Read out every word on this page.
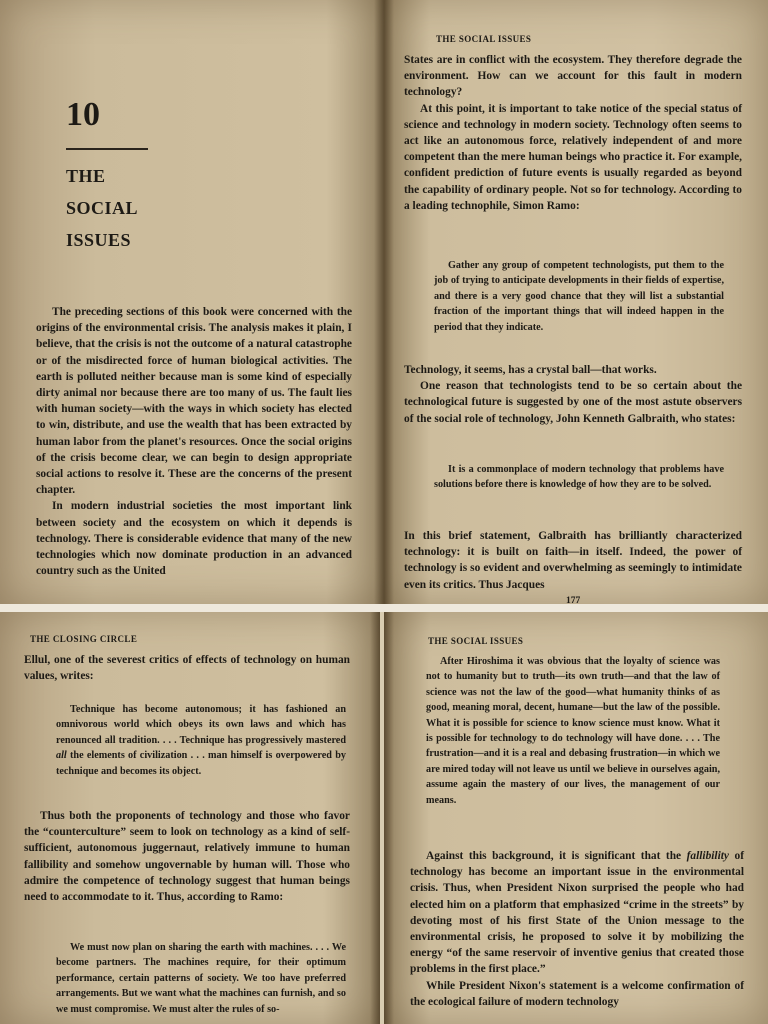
10
THE
SOCIAL
ISSUES

The preceding sections of this book were concerned with the origins of the environmental crisis. The analysis makes it plain, I believe, that the crisis is not the outcome of a natural catastrophe or of the misdirected force of human biological activities. The earth is polluted neither because man is some kind of especially dirty animal nor because there are too many of us. The fault lies with human society—with the ways in which society has elected to win, distribute, and use the wealth that has been extracted by human labor from the planet's resources. Once the social origins of the crisis become clear, we can begin to design appropriate social actions to resolve it. These are the concerns of the present chapter.

In modern industrial societies the most important link between society and the ecosystem on which it depends is technology. There is considerable evidence that many of the new technologies which now dominate production in an advanced country such as the United

THE SOCIAL ISSUES

States are in conflict with the ecosystem. They therefore degrade the environment. How can we account for this fault in modern technology?

At this point, it is important to take notice of the special status of science and technology in modern society. Technology often seems to act like an autonomous force, relatively independent of and more competent than the mere human beings who practice it. For example, confident prediction of future events is usually regarded as beyond the capability of ordinary people. Not so for technology. According to a leading technophile, Simon Ramo:

Gather any group of competent technologists, put them to the job of trying to anticipate developments in their fields of expertise, and there is a very good chance that they will list a substantial fraction of the important things that will indeed happen in the period that they indicate.

Technology, it seems, has a crystal ball—that works.

One reason that technologists tend to be so certain about the technological future is suggested by one of the most astute observers of the social role of technology, John Kenneth Galbraith, who states:

It is a commonplace of modern technology that problems have solutions before there is knowledge of how they are to be solved.

In this brief statement, Galbraith has brilliantly characterized technology: it is built on faith—in itself. Indeed, the power of technology is so evident and overwhelming as seemingly to intimidate even its critics. Thus Jacques

177
THE CLOSING CIRCLE

Ellul, one of the severest critics of effects of technology on human values, writes:

Technique has become autonomous; it has fashioned an omnivorous world which obeys its own laws and which has renounced all tradition. . . . Technique has progressively mastered all the elements of civilization . . . man himself is overpowered by technique and becomes its object.

Thus both the proponents of technology and those who favor the “counterculture” seem to look on technology as a kind of self-sufficient, autonomous juggernaut, relatively immune to human fallibility and somehow ungovernable by human will. Those who admire the competence of technology suggest that human beings need to accommodate to it. Thus, according to Ramo:

We must now plan on sharing the earth with machines. . . . We become partners. The machines require, for their optimum performance, certain patterns of society. We too have preferred arrangements. But we want what the machines can furnish, and so we must compromise. We must alter the rules of so-

THE SOCIAL ISSUES

After Hiroshima it was obvious that the loyalty of science was not to humanity but to truth—its own truth—and that the law of science was not the law of the good—what humanity thinks of as good, meaning moral, decent, humane—but the law of the possible. What it is possible for science to know science must know. What it is possible for technology to do technology will have done. . . . The frustration—and it is a real and debasing frustration—in which we are mired today will not leave us until we believe in ourselves again, assume again the mastery of our lives, the management of our means.

Against this background, it is significant that the fallibility of technology has become an important issue in the environmental crisis. Thus, when President Nixon surprised the people who had elected him on a platform that emphasized “crime in the streets” by devoting most of his first State of the Union message to the environmental crisis, he proposed to solve it by mobilizing the energy “of the same reservoir of inventive genius that created those problems in the first place.”

While President Nixon's statement is a welcome confirmation of the ecological failure of modern technology
